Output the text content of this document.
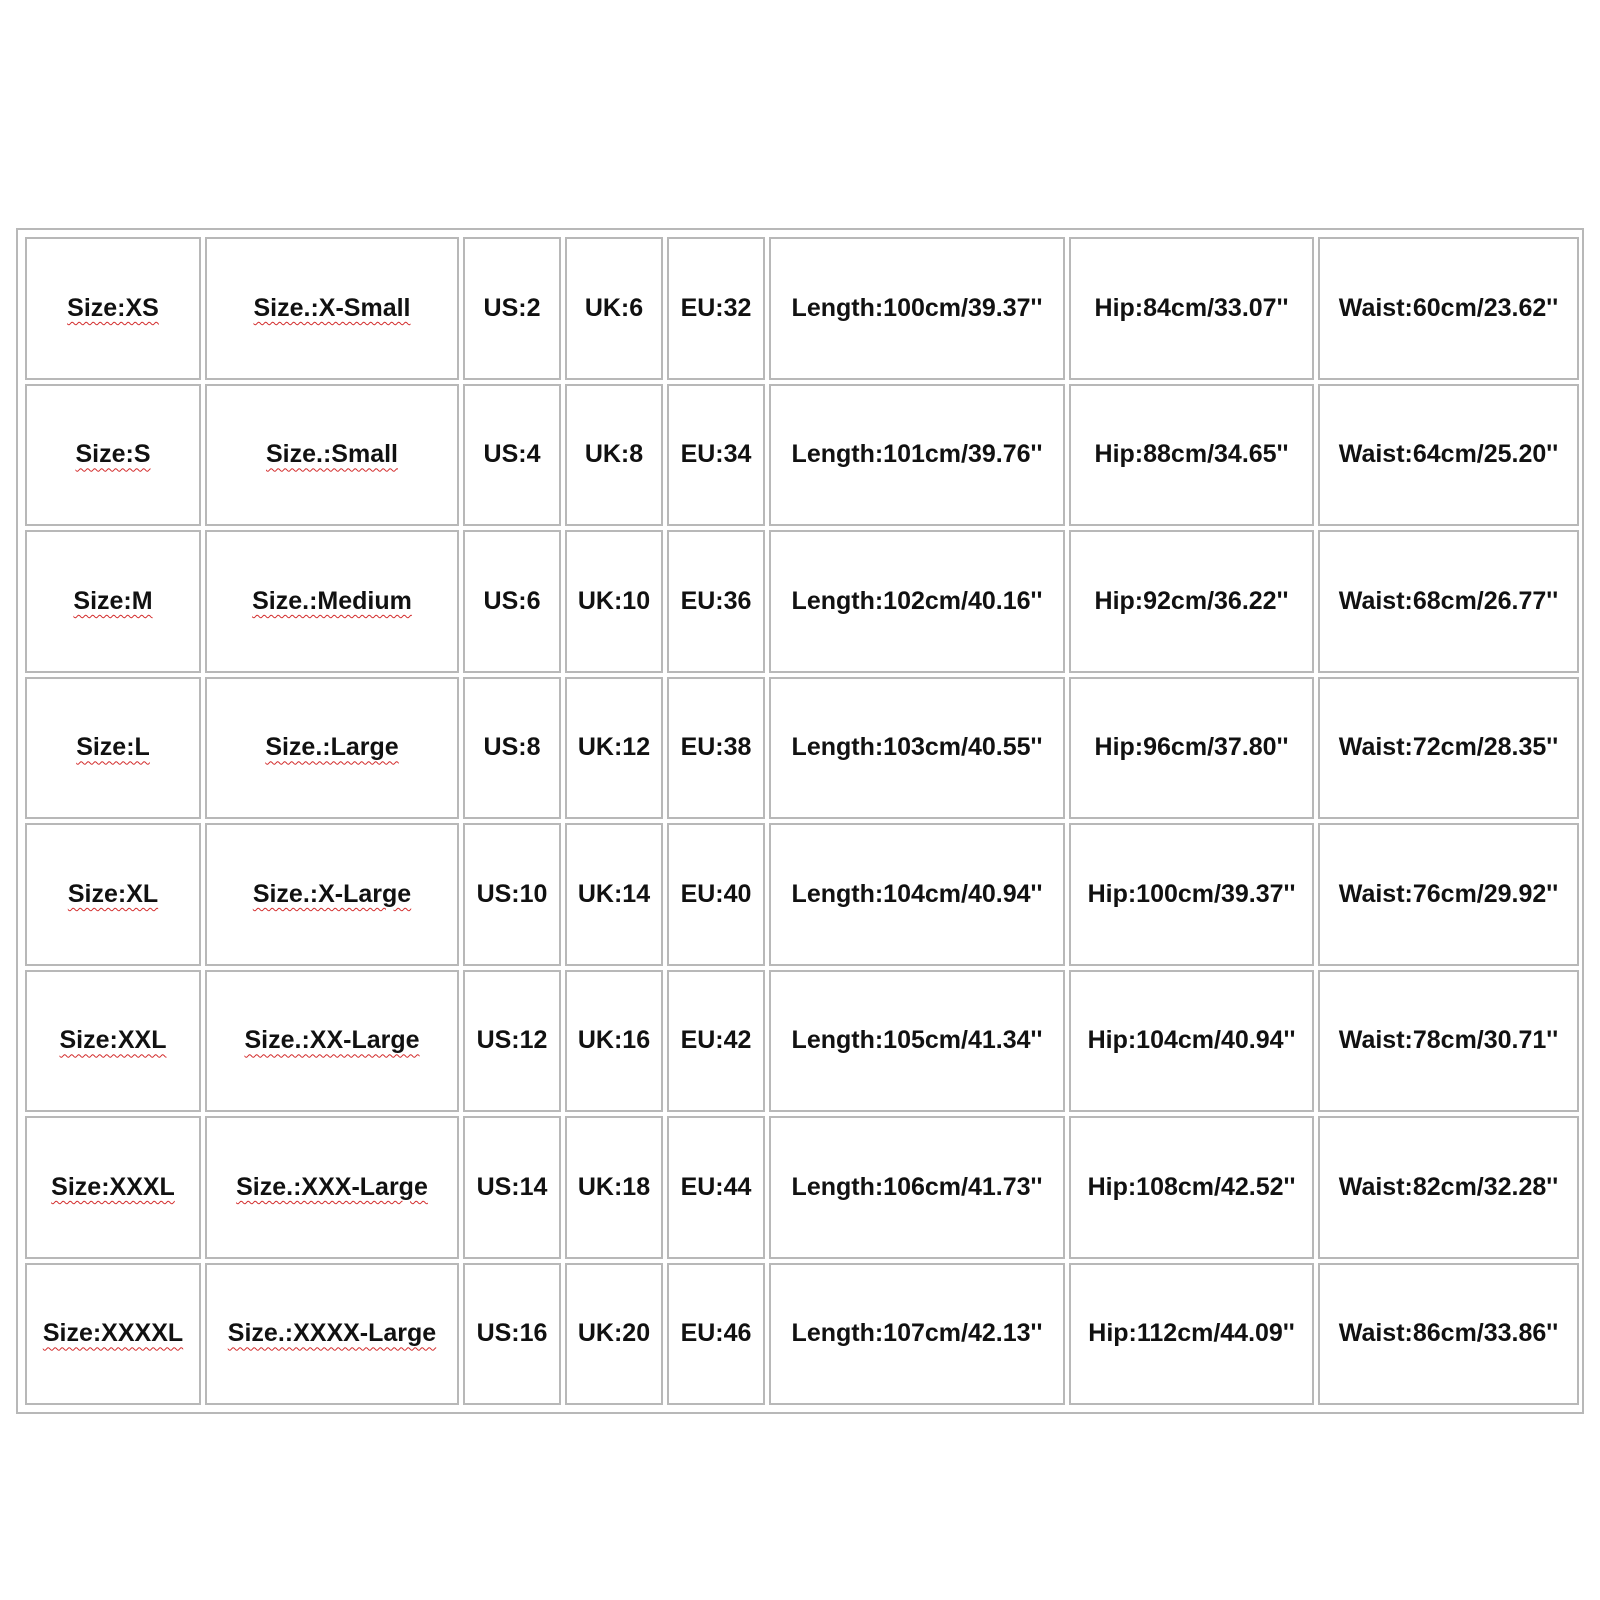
Size:XS	Size.:X-Small	US:2	UK:6	EU:32	Length:100cm/39.37''	Hip:84cm/33.07''	Waist:60cm/23.62''
Size:S	Size.:Small	US:4	UK:8	EU:34	Length:101cm/39.76''	Hip:88cm/34.65''	Waist:64cm/25.20''
Size:M	Size.:Medium	US:6	UK:10	EU:36	Length:102cm/40.16''	Hip:92cm/36.22''	Waist:68cm/26.77''
Size:L	Size.:Large	US:8	UK:12	EU:38	Length:103cm/40.55''	Hip:96cm/37.80''	Waist:72cm/28.35''
Size:XL	Size.:X-Large	US:10	UK:14	EU:40	Length:104cm/40.94''	Hip:100cm/39.37''	Waist:76cm/29.92''
Size:XXL	Size.:XX-Large	US:12	UK:16	EU:42	Length:105cm/41.34''	Hip:104cm/40.94''	Waist:78cm/30.71''
Size:XXXL	Size.:XXX-Large	US:14	UK:18	EU:44	Length:106cm/41.73''	Hip:108cm/42.52''	Waist:82cm/32.28''
Size:XXXXL	Size.:XXXX-Large	US:16	UK:20	EU:46	Length:107cm/42.13''	Hip:112cm/44.09''	Waist:86cm/33.86''
